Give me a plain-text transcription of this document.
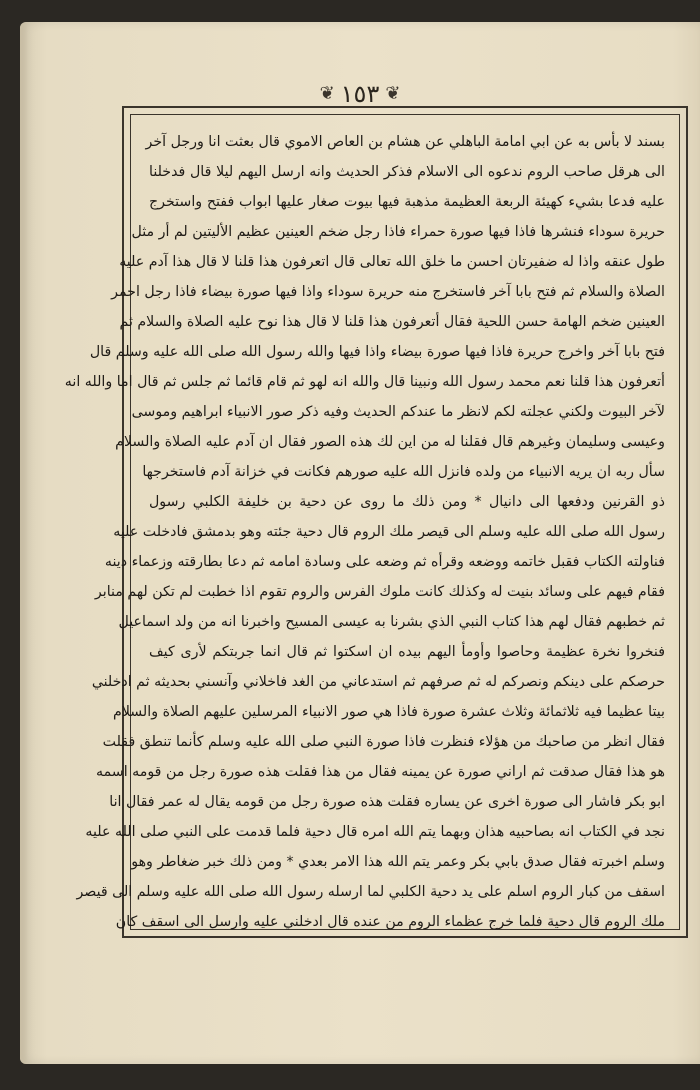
❦ ١٥٣ ❦
بسند لا بأس به عن ابي امامة الباهلي عن هشام بن العاص الاموي قال بعثت انا ورجل آخر
الى هرقل صاحب الروم ندعوه الى الاسلام فذكر الحديث وانه ارسل اليهم ليلا قال فدخلنا
عليه فدعا بشيء كهيئة الربعة العظيمة مذهبة فيها بيوت صغار عليها ابواب ففتح واستخرج
حريرة سوداء فنشرها فاذا فيها صورة حمراء فاذا رجل ضخم العينين عظيم الأليتين لم أر مثل
طول عنقه واذا له ضفيرتان احسن ما خلق الله تعالى قال اتعرفون هذا قلنا لا قال هذا آدم عليه
الصلاة والسلام ثم فتح بابا آخر فاستخرج منه حريرة سوداء واذا فيها صورة بيضاء فاذا رجل احمر
العينين ضخم الهامة حسن اللحية فقال أتعرفون هذا قلنا لا قال هذا نوح عليه الصلاة والسلام ثم
فتح بابا آخر واخرج حريرة فاذا فيها صورة بيضاء واذا فيها والله رسول الله صلى الله عليه وسلم قال
أتعرفون هذا قلنا نعم محمد رسول الله ونبينا قال والله انه لهو ثم قام قائما ثم جلس ثم قال اما والله انه
لآخر البيوت ولكني عجلته لكم لانظر ما عندكم الحديث وفيه ذكر صور الانبياء ابراهيم وموسى
وعيسى وسليمان وغيرهم قال فقلنا له من اين لك هذه الصور فقال ان آدم عليه الصلاة والسلام
سأل ربه ان يريه الانبياء من ولده فانزل الله عليه صورهم فكانت في خزانة آدم فاستخرجها
ذو القرنين ودفعها الى دانيال * ومن ذلك ما روى عن دحية بن خليفة الكلبي رسول
رسول الله صلى الله عليه وسلم الى قيصر ملك الروم قال دحية جئته وهو بدمشق فادخلت عليه
فناولته الكتاب فقبل خاتمه ووضعه وقرأه ثم وضعه على وسادة امامه ثم دعا بطارقته وزعماء دينه
فقام فيهم على وسائد بنيت له وكذلك كانت ملوك الفرس والروم تقوم اذا خطبت لم تكن لهم منابر
ثم خطبهم فقال لهم هذا كتاب النبي الذي بشرنا به عيسى المسيح واخبرنا انه من ولد اسماعيل
فنخروا نخرة عظيمة وحاصوا وأومأ اليهم بيده ان اسكتوا ثم قال انما جربتكم لأرى كيف
حرصكم على دينكم ونصركم له ثم صرفهم ثم استدعاني من الغد فاخلاني وآنسني بحديثه ثم ادخلني
بيتا عظيما فيه ثلاثمائة وثلاث عشرة صورة فاذا هي صور الانبياء المرسلين عليهم الصلاة والسلام
فقال انظر من صاحبك من هؤلاء فنظرت فاذا صورة النبي صلى الله عليه وسلم كأنما تنطق فقلت
هو هذا فقال صدقت ثم اراني صورة عن يمينه فقال من هذا فقلت هذه صورة رجل من قومه اسمه
ابو بكر فاشار الى صورة اخرى عن يساره فقلت هذه صورة رجل من قومه يقال له عمر فقال انا
نجد في الكتاب انه بصاحبيه هذان وبهما يتم الله امره قال دحية فلما قدمت على النبي صلى الله عليه
وسلم اخبرته فقال صدق بابي بكر وعمر يتم الله هذا الامر بعدي * ومن ذلك خبر ضغاطر وهو
اسقف من كبار الروم اسلم على يد دحية الكلبي لما ارسله رسول الله صلى الله عليه وسلم الى قيصر
ملك الروم قال دحية فلما خرج عظماء الروم من عنده قال ادخلني عليه وارسل الى اسقف كان
